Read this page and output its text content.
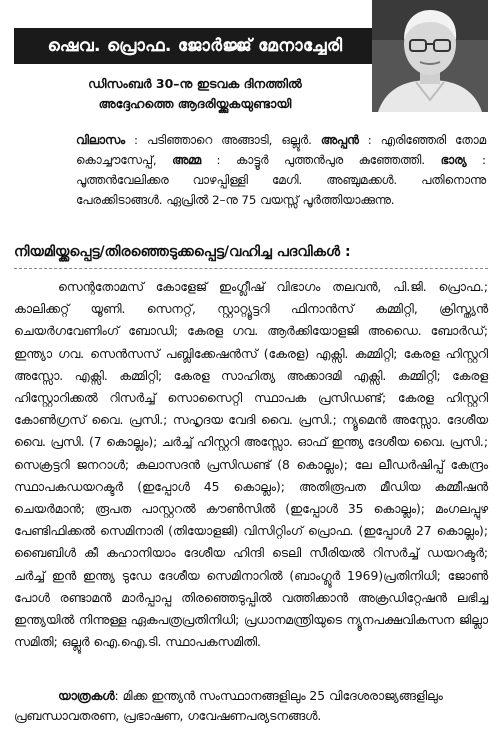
ഷെവ. പ്രൊഫ. ജോർജ്ജ് മേനാച്ചേരി
ഡിസംബർ 30–നു ഇടവക ദിനത്തിൽ
അദ്ദേഹത്തെ ആദരിയ്ക്കുകയുണ്ടായി
വിലാസം : പടിഞ്ഞാറെ അങ്ങാടി, ഒല്ലൂർ. അപ്പൻ : എരിഞ്ഞേരി തോമ കൊച്ചൗസേപ്പ്, അമ്മ : കാട്ടൂർ പുത്തൻപുര കുഞ്ഞേത്തി. ഭാര്യ : പൂത്തൻവേലിക്കര വാഴപ്പിള്ളി മേഗി. അഞ്ചുമക്കൾ. പതിനൊന്നു പേരക്കിടാങ്ങൾ. ഏപ്രിൽ 2–നു 75 വയസ്സ് പൂർത്തിയാക്കുന്നു.
നിയമിയ്ക്കപ്പെട്ട/തിരഞ്ഞെടുക്കപ്പെട്ട/വഹിച്ച പദവികൾ :
സെന്റതോമസ് കോളേജ് ഇംഗ്ലീഷ് വിഭാഗം തലവൻ, പി.ജി. പ്രൊഫ.; കാലിക്കറ്റ് യൂണി. സെനറ്റ്, സ്റ്റാറ്റ്യൂട്ടറി ഫിനാൻസ് കമ്മിറ്റി, ക്രിസ്ത്യൻ ചെയർഗവേണിംഗ് ബോഡി; കേരള ഗവ. ആർക്കിയോളജി അഡൈ. ബോർഡ്; ഇന്ത്യാ ഗവ. സെൻസസ് പബ്ലിക്കേഷൻസ് (കേരള) എക്സി. കമ്മിറ്റി; കേരള ഹിസ്റ്ററി അസ്സോ. എക്സി. കമ്മിറ്റി; കേരള സാഹിത്യ അക്കാദമി എക്സി. കമ്മിറ്റി; കേരള ഹിസ്റ്റോറിക്കൽ റിസർച്ച് സൊസൈറ്റി സ്ഥാപക പ്രസിഡണ്ട്; കേരള ഹിസ്റ്ററി കോൺഗ്രസ് വൈ. പ്രസി.; സഹൃദയ വേദി വൈ. പ്രസി.; ന്യൂമെൻ അസ്സോ. ദേശീയ വൈ. പ്രസി. (7 കൊല്ലം); ചർച്ച് ഹിസ്റ്ററി അസ്സോ. ഓഫ് ഇന്ത്യ ദേശീയ വൈ. പ്രസി.; സെക്രട്ടറി ജനറാൾ; കലാസദൻ പ്രസിഡണ്ട് (8 കൊല്ലം); ലേ ലീഡർഷിപ്പ് കേന്ദ്രം സ്ഥാപകഡയറക്ടർ (ഇപ്പോൾ 45 കൊല്ലം); അതിരൂപത മീഡിയ കമ്മീഷൻ ചെയർമാൻ; രൂപത പാസ്റ്ററൽ കൗൺസിൽ (ഇപ്പോൾ 35 കൊല്ലം); മംഗലപ്പുഴ പേണ്ടിഫിക്കൽ സെമിനാരി (തിയോളജി) വിസിറ്റിംഗ് പ്രൊഫ. (ഇപ്പോൾ 27 കൊല്ലം); ബൈബിൾ കീ കഹാനിയാം ദേശീയ ഹിന്ദി ടെലി സീരിയൽ റിസർച്ച് ഡയറക്ടർ; ചർച്ച് ഇൻ ഇന്ത്യ ടുഡേ ദേശീയ സെമിനാറിൽ (ബാംഗ്ലൂർ 1969)പ്രതിനിധി; ജോൺ പോൾ രണ്ടാമൻ മാർപ്പാപ്പ തിരഞ്ഞെടുപ്പിൽ വത്തിക്കാൻ അക്രഡിറ്റേഷൻ ലഭിച്ച ഇന്ത്യയിൽ നിന്നുള്ള ഏകപത്രപ്രതിനിധി; പ്രധാനമന്ത്രിയുടെ ന്യൂനപക്ഷവികസന ജില്ലാ സമിതി; ഒല്ലൂർ ഐ.ഐ.ടി. സ്ഥാപകസമിതി.
യാത്രകൾ: മിക്ക ഇന്ത്യൻ സംസ്ഥാനങ്ങളിലും 25 വിദേശരാജ്യങ്ങളിലും പ്രബന്ധാവതരണ, പ്രഭാഷണ, ഗവേഷണപര്യടനങ്ങൾ.
